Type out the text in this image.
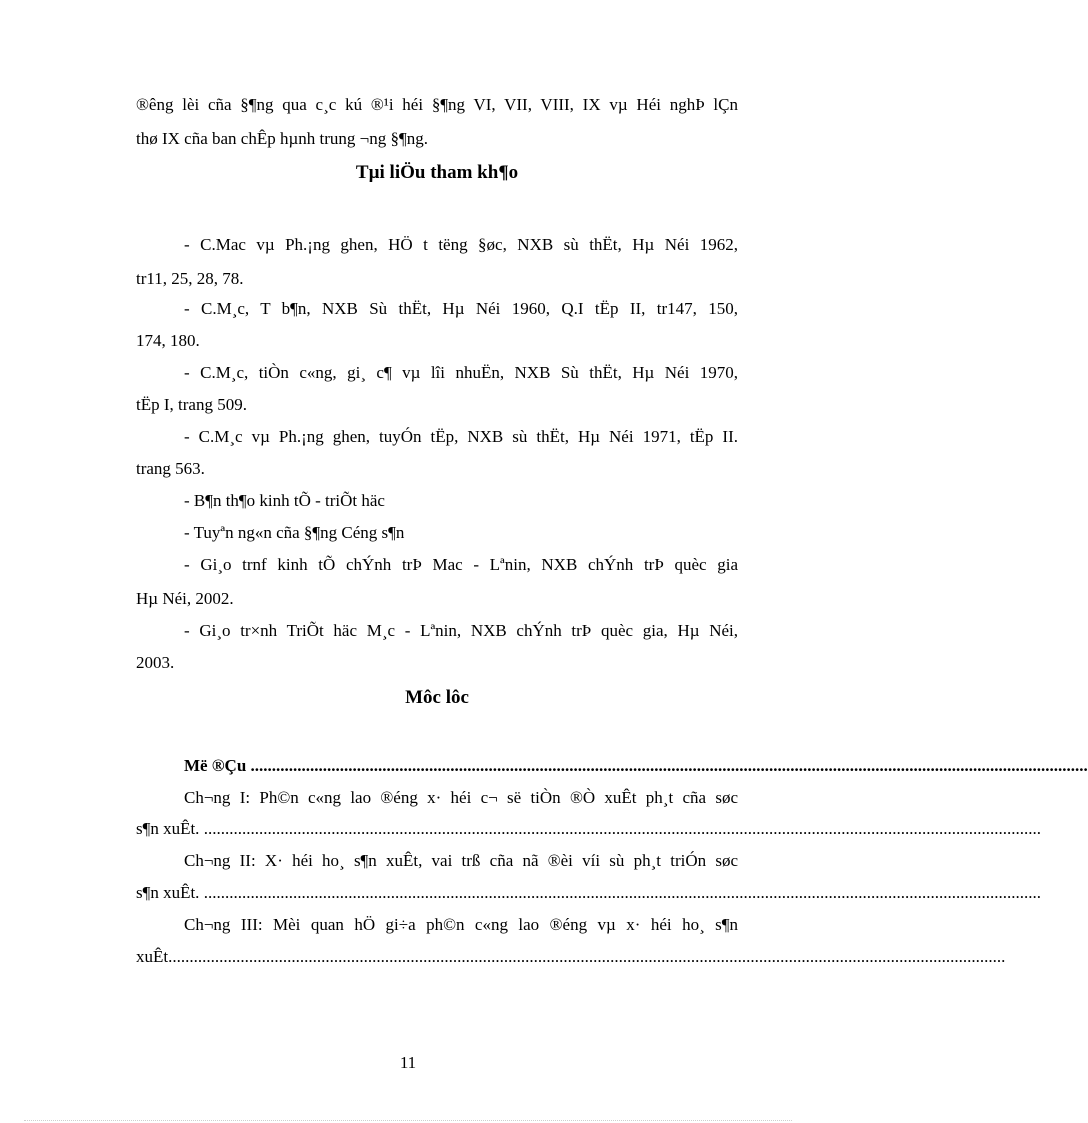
®êng lèi cña §¶ng qua c¸c kú ®¹i héi §¶ng VI, VII, VIII, IX vµ Héi nghÞ lÇn
thø IX cña ban chÊp hµnh trung ¬ng §¶ng.
Tµi liÖu tham kh¶o
- C.Mac vµ Ph.¡ng ghen, HÖ t tëng §øc, NXB sù thËt, Hµ Néi 1962,
tr11, 25, 28, 78.
- C.M¸c, T b¶n, NXB Sù thËt, Hµ Néi 1960, Q.I tËp II, tr147, 150,
174, 180.
- C.M¸c, tiÒn c«ng, gi¸ c¶ vµ lîi nhuËn, NXB Sù thËt, Hµ Néi 1970,
tËp I, trang 509.
- C.M¸c vµ Ph.¡ng ghen, tuyÓn tËp, NXB sù thËt, Hµ Néi 1971, tËp II.
trang 563.
- B¶n th¶o kinh tÕ - triÕt häc
- Tuyªn ng«n cña §¶ng Céng s¶n
- Gi¸o trnf kinh tÕ chÝnh trÞ Mac - Lªnin, NXB chÝnh trÞ quèc gia
Hµ Néi, 2002.
- Gi¸o tr×nh TriÕt häc M¸c - Lªnin, NXB chÝnh trÞ quèc gia, Hµ Néi,
2003.
Môc lôc
Më ®Çu .....................................................................................................................................................................................................
Ch¬ng I: Ph©n c«ng lao ®éng x· héi c¬ së tiÒn ®Ò xuÊt ph¸t cña søc
s¶n xuÊt. .....................................................................................................................................................................................................
Ch¬ng II: X· héi ho¸ s¶n xuÊt, vai trß cña nã ®èi víi sù ph¸t triÓn søc
s¶n xuÊt. .....................................................................................................................................................................................................
Ch¬ng III: Mèi quan hÖ gi÷a ph©n c«ng lao ®éng vµ x· héi ho¸ s¶n
xuÊt.....................................................................................................................................................................................................
11
